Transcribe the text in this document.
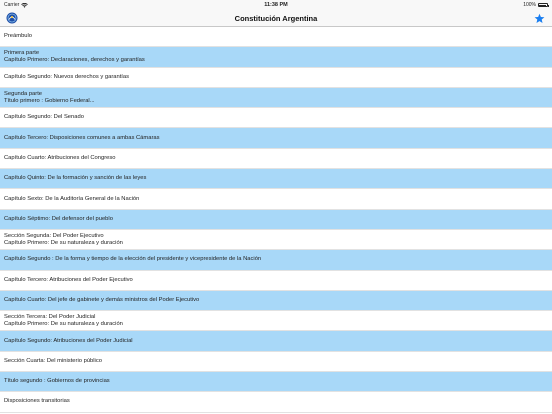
Carrier	11:38 PM	100%
Constitución Argentina
Preámbulo
Primera parte
Capítulo Primero: Declaraciones, derechos y garantías
Capítulo Segundo: Nuevos derechos y garantías
Segunda parte
Título primero : Gobierno Federal...
Capítulo Segundo: Del Senado
Capítulo Tercero: Disposiciones comunes a ambas Cámaras
Capítulo Cuarto: Atribuciones del Congreso
Capítulo Quinto: De la formación y sanción de las leyes
Capítulo Sexto: De la Auditoría General de la Nación
Capítulo Séptimo: Del defensor del pueblo
Sección Segunda: Del Poder Ejecutivo
Capítulo Primero: De su naturaleza y duración
Capítulo Segundo : De la forma y tiempo de la elección del presidente y vicepresidente de la Nación
Capítulo Tercero: Atribuciones del Poder Ejecutivo
Capítulo Cuarto: Del jefe de gabinete y demás ministros del Poder Ejecutivo
Sección Tercera: Del Poder Judicial
Capítulo Primero: De su naturaleza y duración
Capítulo Segundo: Atribuciones del Poder Judicial
Sección Cuarta: Del ministerio público
Título segundo : Gobiernos de provincias
Disposiciones transitorias
